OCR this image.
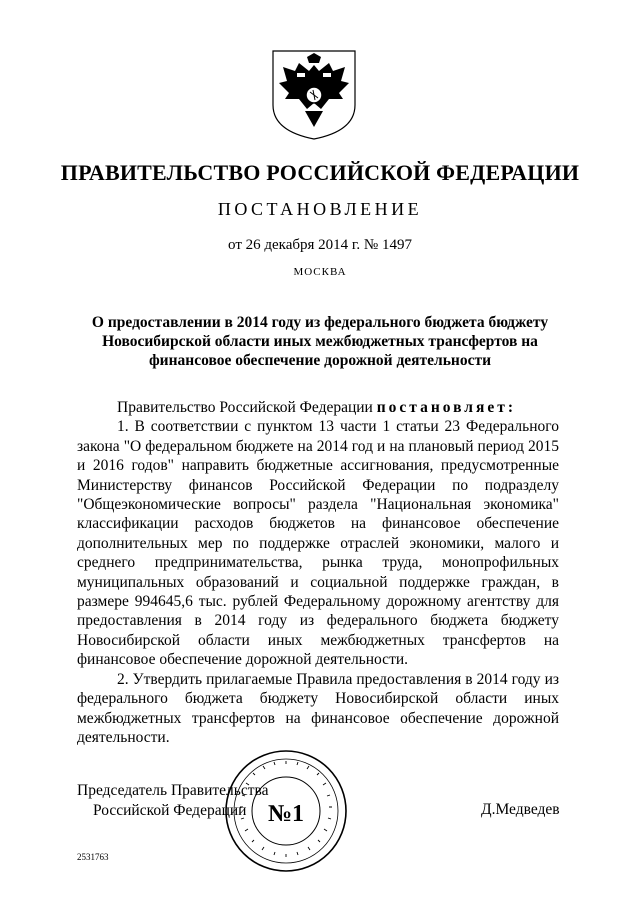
ПРАВИТЕЛЬСТВО РОССИЙСКОЙ ФЕДЕРАЦИИ
ПОСТАНОВЛЕНИЕ
от 26 декабря 2014 г. № 1497
МОСКВА
О предоставлении в 2014 году из федерального бюджета бюджету Новосибирской области иных межбюджетных трансфертов на финансовое обеспечение дорожной деятельности

Правительство Российской Федерации постановляет:

1. В соответствии с пунктом 13 части 1 статьи 23 Федерального закона "О федеральном бюджете на 2014 год и на плановый период 2015 и 2016 годов" направить бюджетные ассигнования, предусмотренные Министерству финансов Российской Федерации по подразделу "Общеэкономические вопросы" раздела "Национальная экономика" классификации расходов бюджетов на финансовое обеспечение дополнительных мер по поддержке отраслей экономики, малого и среднего предпринимательства, рынка труда, монопрофильных муниципальных образований и социальной поддержке граждан, в размере 994645,6 тыс. рублей Федеральному дорожному агентству для предоставления в 2014 году из федерального бюджета бюджету Новосибирской области иных межбюджетных трансфертов на финансовое обеспечение дорожной деятельности.

2. Утвердить прилагаемые Правила предоставления в 2014 году из федерального бюджета бюджету Новосибирской области иных межбюджетных трансфертов на финансовое обеспечение дорожной деятельности.

Председатель Правительства
Российской Федерации	Д.Медведев
№1
2531763
